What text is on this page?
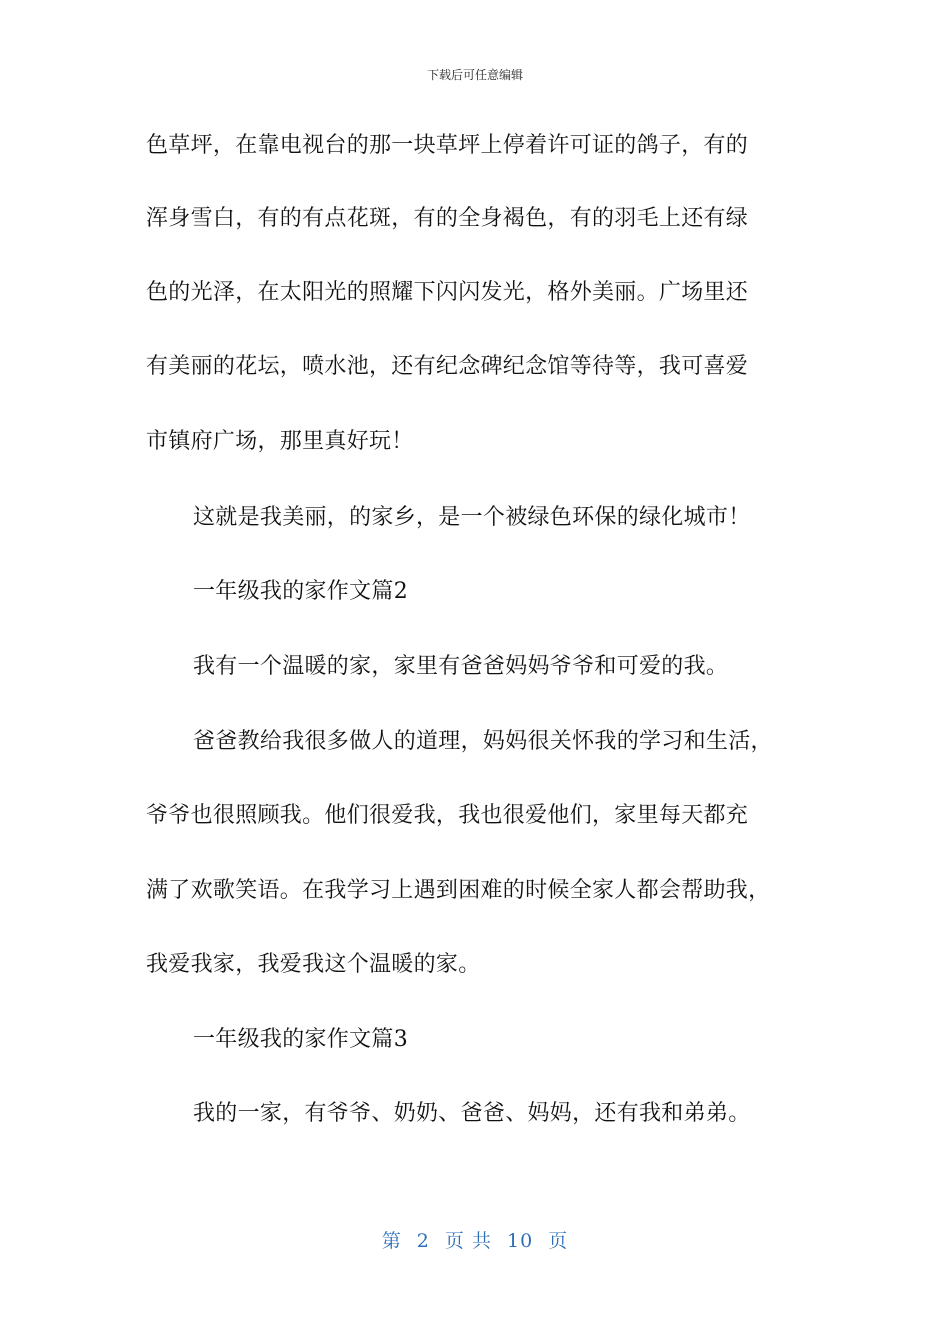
下载后可任意编辑
色草坪，在靠电视台的那一块草坪上停着许可证的鸽子，有的
浑身雪白，有的有点花斑，有的全身褐色，有的羽毛上还有绿
色的光泽，在太阳光的照耀下闪闪发光，格外美丽。广场里还
有美丽的花坛，喷水池，还有纪念碑纪念馆等待等，我可喜爱
市镇府广场，那里真好玩！
这就是我美丽，的家乡，是一个被绿色环保的绿化城市！
一年级我的家作文篇2
我有一个温暖的家，家里有爸爸妈妈爷爷和可爱的我。
爸爸教给我很多做人的道理，妈妈很关怀我的学习和生活，
爷爷也很照顾我。他们很爱我，我也很爱他们，家里每天都充
满了欢歌笑语。在我学习上遇到困难的时候全家人都会帮助我，
我爱我家，我爱我这个温暖的家。
一年级我的家作文篇3
我的一家，有爷爷、奶奶、爸爸、妈妈，还有我和弟弟。
第 2 页 共 10 页
